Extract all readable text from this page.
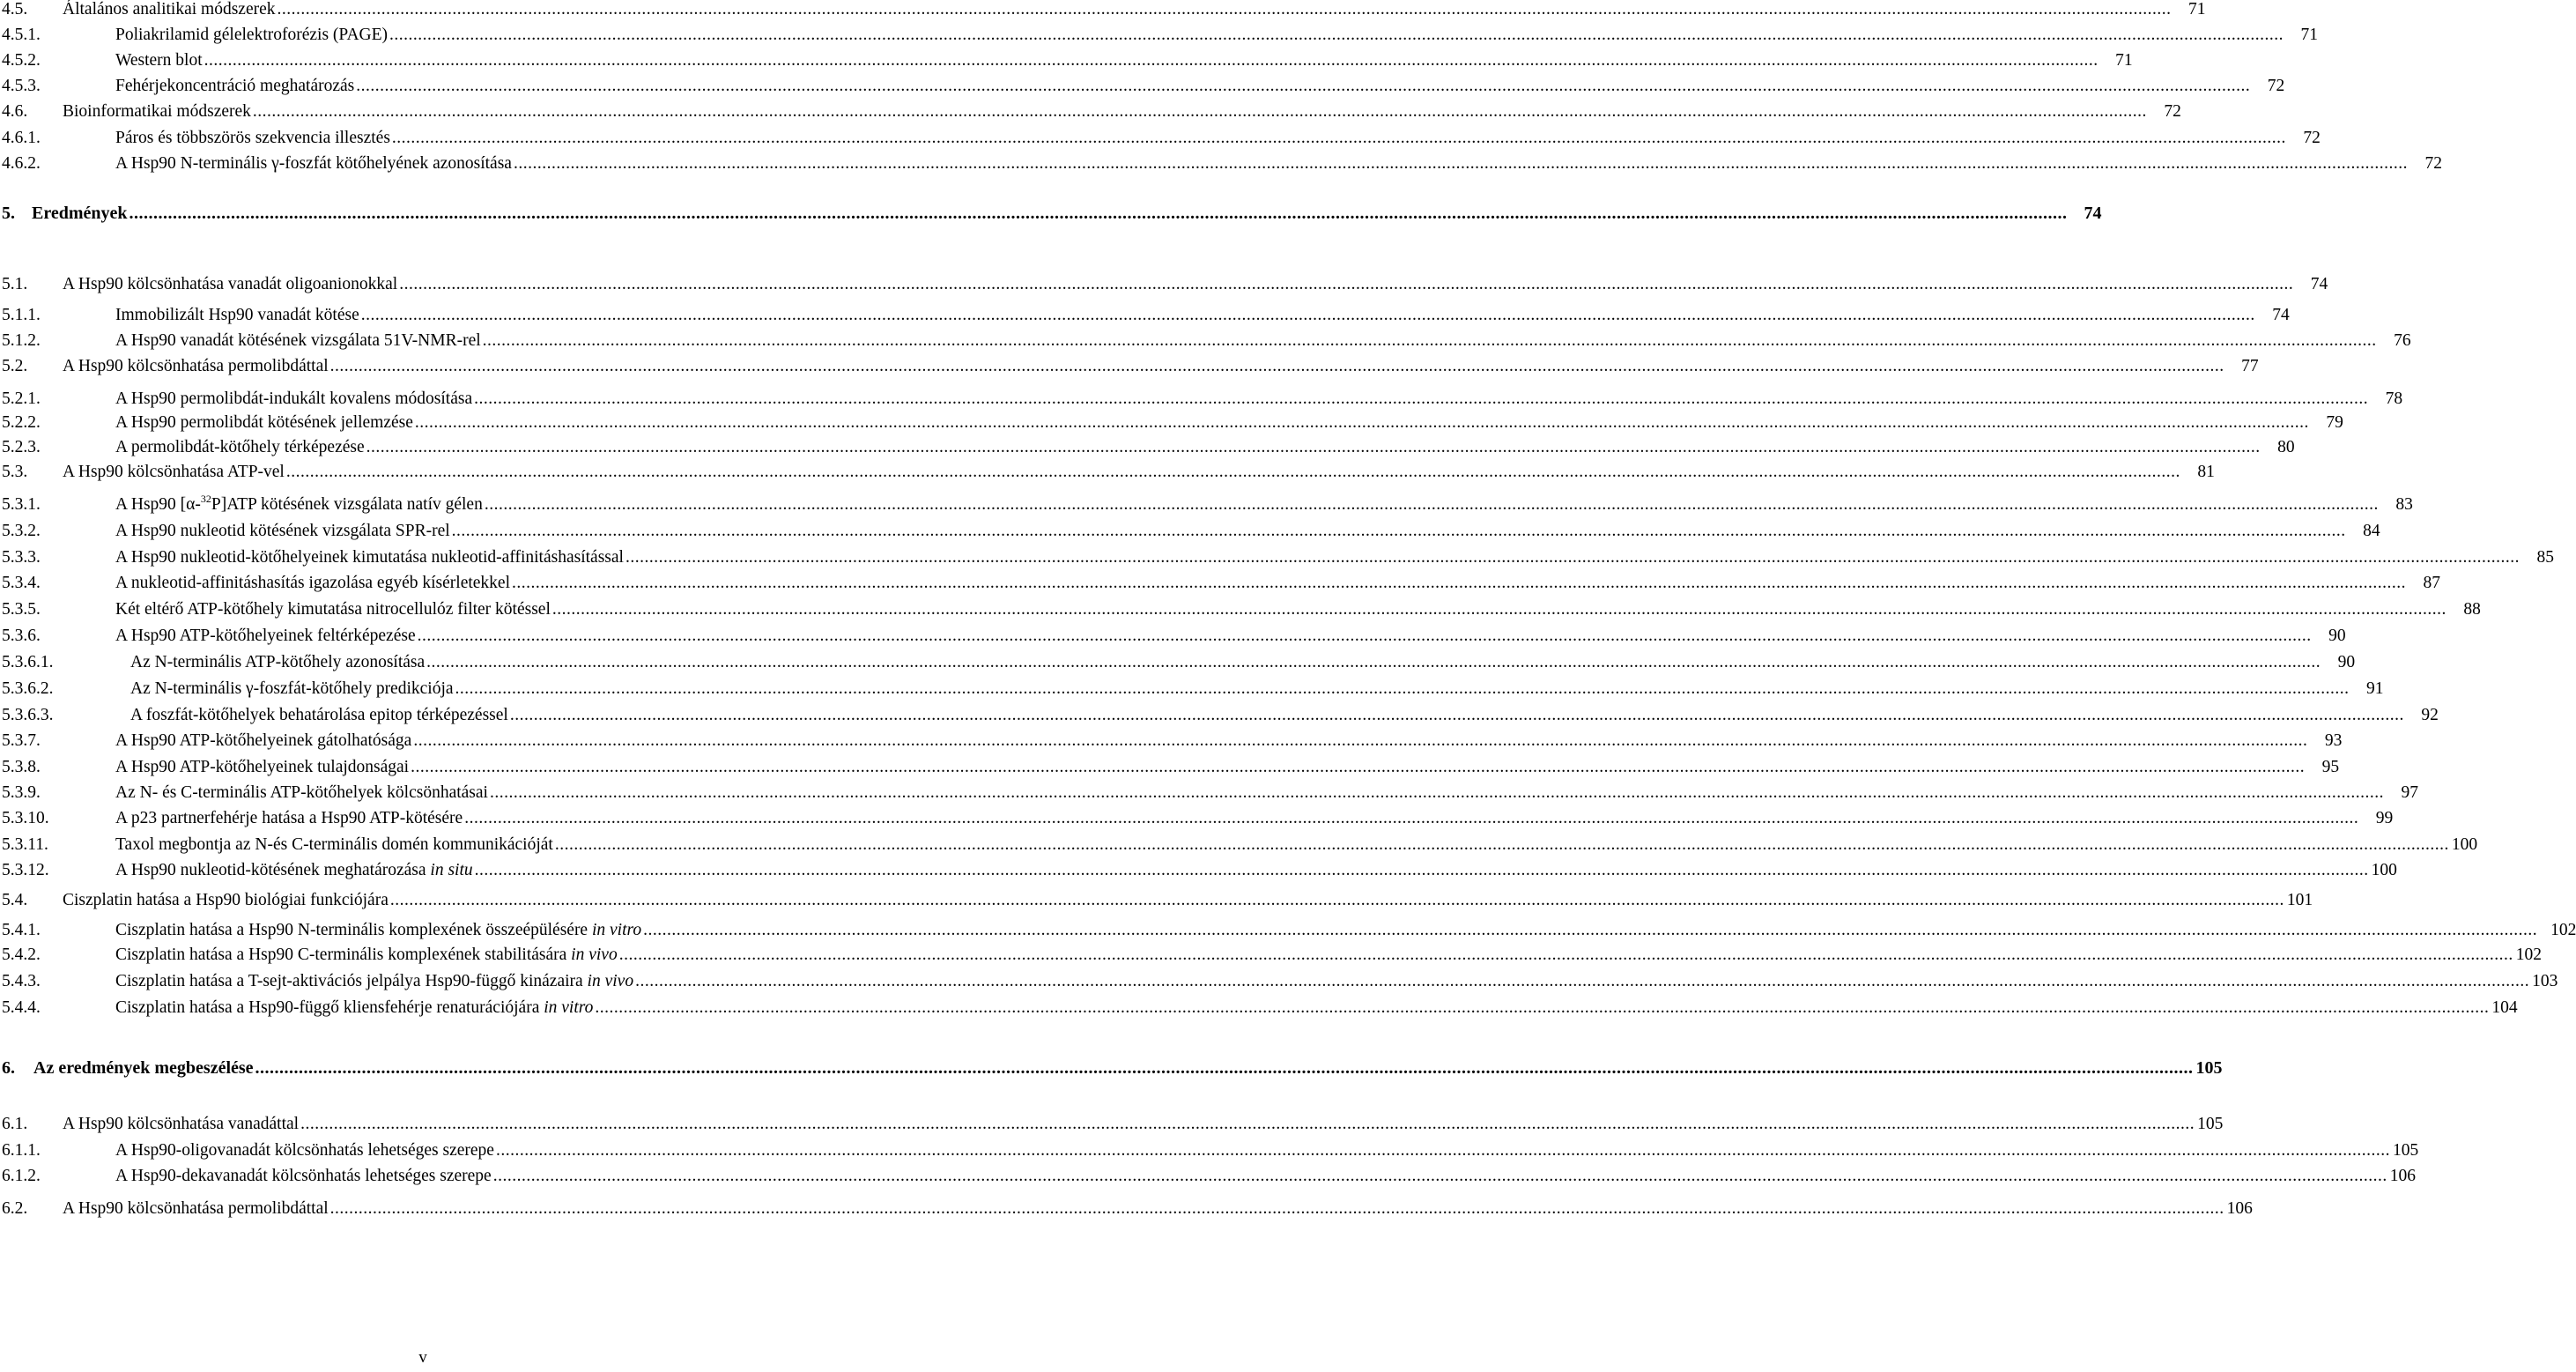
4.5. Általános analitikai módszerek ................................................................................................................................................................................................................................................................................................................................................................................................................ 71
4.5.1.	Poliakrilamid gélelektroforézis (PAGE) ................................................................................................................................................................................................................................................................................................................................................................................................................ 71
4.5.2.	Western blot ................................................................................................................................................................................................................................................................................................................................................................................................................ 71
4.5.3.	Fehérjekoncentráció meghatározás ................................................................................................................................................................................................................................................................................................................................................................................................................ 72
4.6. Bioinformatikai módszerek ................................................................................................................................................................................................................................................................................................................................................................................................................ 72
4.6.1.	Páros és többszörös szekvencia illesztés ................................................................................................................................................................................................................................................................................................................................................................................................................ 72
4.6.2.	A Hsp90 N-terminális γ-foszfát kötőhelyének azonosítása ................................................................................................................................................................................................................................................................................................................................................................................................................ 72
5. Eredmények ................................................................................................................................................................................................................................................................................................................................................................................................................ 74
5.1. A Hsp90 kölcsönhatása vanadát oligoanionokkal ................................................................................................................................................................................................................................................................................................................................................................................................................ 74
5.1.1.	Immobilizált Hsp90 vanadát kötése ................................................................................................................................................................................................................................................................................................................................................................................................................ 74
5.1.2.	A Hsp90 vanadát kötésének vizsgálata 51V-NMR-rel ................................................................................................................................................................................................................................................................................................................................................................................................................ 76
5.2. A Hsp90 kölcsönhatása permolibdáttal ................................................................................................................................................................................................................................................................................................................................................................................................................ 77
5.2.1.	A Hsp90 permolibdát-indukált kovalens módosítása ................................................................................................................................................................................................................................................................................................................................................................................................................ 78
5.2.2.	A Hsp90 permolibdát kötésének jellemzése ................................................................................................................................................................................................................................................................................................................................................................................................................ 79
5.2.3.	A permolibdát-kötőhely térképezése ................................................................................................................................................................................................................................................................................................................................................................................................................ 80
5.3. A Hsp90 kölcsönhatása ATP-vel ................................................................................................................................................................................................................................................................................................................................................................................................................ 81
5.3.1.	A Hsp90 [α-$^{32}$P]ATP kötésének vizsgálata natív gélen ................................................................................................................................................................................................................................................................................................................................................................................................................ 83
5.3.2.	A Hsp90 nukleotid kötésének vizsgálata SPR-rel ................................................................................................................................................................................................................................................................................................................................................................................................................ 84
5.3.3.	A Hsp90 nukleotid-kötőhelyeinek kimutatása nukleotid-affinitáshasítással ................................................................................................................................................................................................................................................................................................................................................................................................................ 85
5.3.4.	A nukleotid-affinitáshasítás igazolása egyéb kísérletekkel ................................................................................................................................................................................................................................................................................................................................................................................................................ 87
5.3.5.	Két eltérő ATP-kötőhely kimutatása nitrocellulóz filter kötéssel ................................................................................................................................................................................................................................................................................................................................................................................................................ 88
5.3.6.	A Hsp90 ATP-kötőhelyeinek feltérképezése ................................................................................................................................................................................................................................................................................................................................................................................................................ 90
5.3.6.1.	Az N-terminális ATP-kötőhely azonosítása ................................................................................................................................................................................................................................................................................................................................................................................................................ 90
5.3.6.2.	Az N-terminális γ-foszfát-kötőhely predikciója ................................................................................................................................................................................................................................................................................................................................................................................................................ 91
5.3.6.3.	A foszfát-kötőhelyek behatárolása epitop térképezéssel ................................................................................................................................................................................................................................................................................................................................................................................................................ 92
5.3.7.	A Hsp90 ATP-kötőhelyeinek gátolhatósága ................................................................................................................................................................................................................................................................................................................................................................................................................ 93
5.3.8.	A Hsp90 ATP-kötőhelyeinek tulajdonságai ................................................................................................................................................................................................................................................................................................................................................................................................................ 95
5.3.9.	Az N- és C-terminális ATP-kötőhelyek kölcsönhatásai ................................................................................................................................................................................................................................................................................................................................................................................................................ 97
5.3.10.	A p23 partnerfehérje hatása a Hsp90 ATP-kötésére ................................................................................................................................................................................................................................................................................................................................................................................................................ 99
5.3.11.	Taxol megbontja az N-és C-terminális domén kommunikációját ................................................................................................................................................................................................................................................................................................................................................................................................................ 100
5.3.12.	A Hsp90 nukleotid-kötésének meghatározása in situ ................................................................................................................................................................................................................................................................................................................................................................................................................ 100
5.4. Ciszplatin hatása a Hsp90 biológiai funkciójára ................................................................................................................................................................................................................................................................................................................................................................................................................ 101
5.4.1.	Ciszplatin hatása a Hsp90 N-terminális komplexének összeépülésére in vitro ................................................................................................................................................................................................................................................................................................................................................................................................................ 102
5.4.2.	Ciszplatin hatása a Hsp90 C-terminális komplexének stabilitására in vivo ................................................................................................................................................................................................................................................................................................................................................................................................................ 102
5.4.3.	Ciszplatin hatása a T-sejt-aktivációs jelpálya Hsp90-függő kinázaira in vivo ................................................................................................................................................................................................................................................................................................................................................................................................................ 103
5.4.4.	Ciszplatin hatása a Hsp90-függő kliensfehérje renaturációjára in vitro ................................................................................................................................................................................................................................................................................................................................................................................................................ 104
6. Az eredmények megbeszélése ................................................................................................................................................................................................................................................................................................................................................................................................................ 105
6.1. A Hsp90 kölcsönhatása vanadáttal ................................................................................................................................................................................................................................................................................................................................................................................................................ 105
6.1.1.	A Hsp90-oligovanadát kölcsönhatás lehetséges szerepe ................................................................................................................................................................................................................................................................................................................................................................................................................ 105
6.1.2.	A Hsp90-dekavanadát kölcsönhatás lehetséges szerepe ................................................................................................................................................................................................................................................................................................................................................................................................................ 106
6.2. A Hsp90 kölcsönhatása permolibdáttal ................................................................................................................................................................................................................................................................................................................................................................................................................ 106
v
